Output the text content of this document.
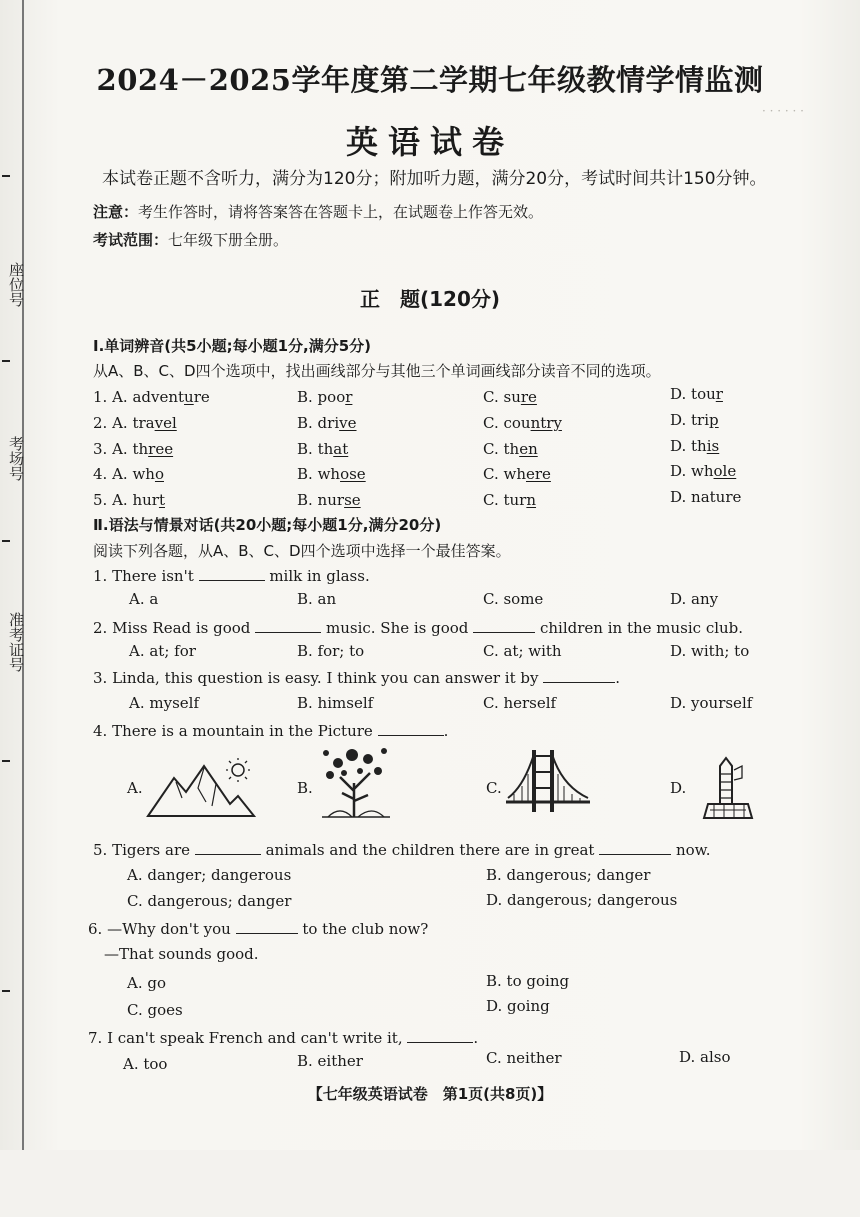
· · · · · ·
座位号
考场号
准考证号
2024－2025学年度第二学期七年级教情学情监测
英语试卷
本试卷正题不含听力，满分为120分；附加听力题，满分20分，考试时间共计150分钟。
注意：考生作答时，请将答案答在答题卡上，在试题卷上作答无效。
考试范围：七年级下册全册。
正　题(120分)
Ⅰ.单词辨音(共5小题;每小题1分,满分5分)
从A、B、C、D四个选项中，找出画线部分与其他三个单词画线部分读音不同的选项。
1. A. adventure	B. poor	C. sure	D. tour
2. A. travel	B. drive	C. country	D. trip
3. A. three	B. that	C. then	D. this
4. A. who	B. whose	C. where	D. whole
5. A. hurt	B. nurse	C. turn	D. nature
Ⅱ.语法与情景对话(共20小题;每小题1分,满分20分)
阅读下列各题，从A、B、C、D四个选项中选择一个最佳答案。
1. There isn't	milk in glass.
A. a	B. an	C. some	D. any
2. Miss Read is good	music. She is good	children in the music club.
A. at; for	B. for; to	C. at; with	D. with; to
3. Linda, this question is easy. I think you can answer it by	.
A. myself	B. himself	C. herself	D. yourself
4. There is a mountain in the Picture	.
A.	B.	C.	D.
5. Tigers are	animals and the children there are in great	now.
A. danger; dangerous	B. dangerous; danger
C. dangerous; danger	D. dangerous; dangerous
6. —Why don't you	to the club now?
—That sounds good.
A. go	B. to going
C. goes	D. going
7. I can't speak French and can't write it,	.
A. too	B. either	C. neither	D. also
【七年级英语试卷　第1页(共8页)】
